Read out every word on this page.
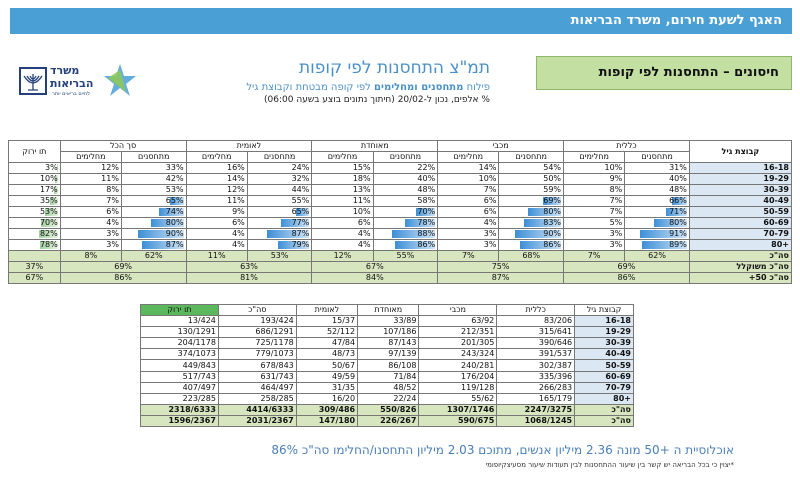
האגף לשעת חירום, משרד הבריאות
חיסונים – התחסנות לפי קופות
משרד
הבריאות
לחיים בריאים יותר
תמ"צ התחסנות לפי קופות
פילוח מתחסנים ומחלימים לפי קופה מבטחת וקבוצת גיל
% אלפים, נכון ל-20/02 (חיתוך נתונים בוצע בשעה 06:00)
קבוצת גיל	כללית		מכבי		מאוחדת		לאומית		סך הכל		תו ירוק
	מתחסנים	מחלימים	מתחסנים	מחלימים	מתחסנים	מחלימים	מתחסנים	מחלימים	מתחסנים	מחלימים	
16-18	31%	10%	54%	14%	22%	15%	24%	16%	33%	12%	3%

19-29	40%	9%	50%	10%	40%	18%	32%	14%	42%	11%	10%

30-39	48%	8%	59%	7%	48%	13%	44%	12%	53%	8%	17%

40-49	66%	7%	69%	6%	58%	11%	55%	11%	65%	7%	35%

50-59	71%	7%	80%	6%	70%	10%	65%	9%	74%	6%	53%

60-69	80%	5%	83%	4%	78%	6%	77%	6%	80%	4%	70%

70-79	91%	3%	90%	3%	88%	4%	87%	4%	90%	3%	82%

+80	89%	3%	86%	3%	86%	4%	79%	4%	87%	3%	78%

סה"כ	62%	7%	68%	7%	55%	12%	53%	11%	62%	8%	
סה"כ משוקלל	69%		75%		67%		63%		69%		37%
סה"כ 50+	86%		87%		84%		81%		86%		67%
קבוצת גיל	כללית	מכבי	מאוחדת	לאומית	סה"כ	תו ירוק
16-18	83/206	63/92	33/89	15/37	193/424	13/424
19-29	315/641	212/351	107/186	52/112	686/1291	130/1291
30-39	390/646	201/305	87/143	47/84	725/1178	204/1178
40-49	391/537	243/324	97/139	48/73	779/1073	374/1073
50-59	302/387	240/281	86/108	50/67	678/843	449/843
60-69	335/396	176/204	71/84	49/59	631/743	517/743
70-79	266/283	119/128	48/52	31/35	464/497	407/497
+80	165/179	55/62	22/24	16/20	258/285	223/285
סה"כ	2247/3275	1307/1746	550/826	309/486	4414/6333	2318/6333
סה"כ	1068/1245	590/675	226/267	147/180	2031/2367	1596/2367
אוכלוסיית ה +50 מונה 2.36 מיליון אנשים, מתוכם 2.03 מיליון התחסנו/החלימו סה"כ 86%
*יצוין כי בכל הבריאה יש קשר בין שיעור ההתחסנות לבין תעודות שיעור מסעיצקיופומי
